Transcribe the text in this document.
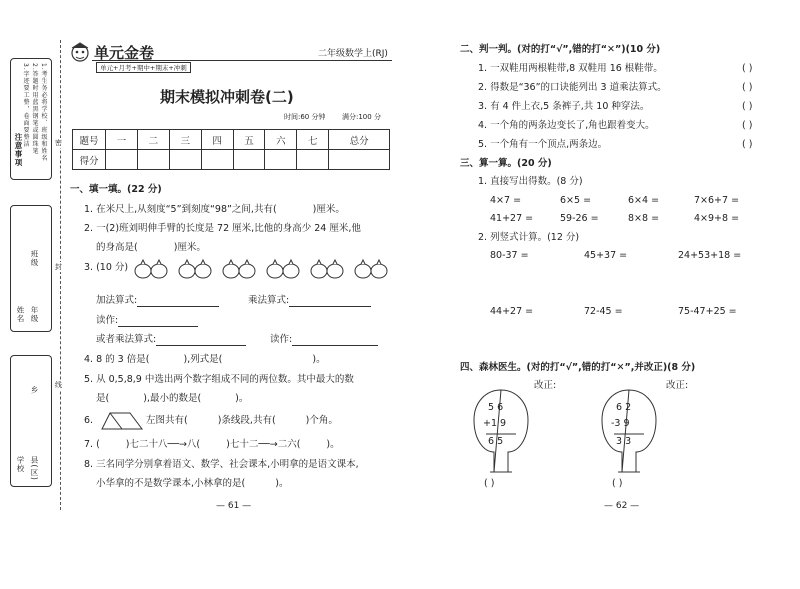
密
封
线
注意事项	1.考生务必将学校、班级和姓名
2.答题时用蓝黑钢笔或圆珠笔
3.字迹要工整，卷面要整洁
班级
年级
姓名
乡
县(区)
学校
单元金卷
单元+月考+期中+期末+冲刺
二年级数学上(RJ)
期末模拟冲刺卷(二)
时间:60 分钟 满分:100 分
题号	一	二	三	四	五	六	七	总分
得分								
一、填一填。(22 分)
1. 在米尺上,从刻度“5”到刻度“98”之间,共有(	)厘米。
2. 一(2)班刘明伸手臂的长度是 72 厘米,比他的身高少 24 厘米,他
的身高是(	)厘米。
3. (10 分)
加法算式:	乘法算式:
读作:
或者乘法算式:	读作:
4. 8 的 3 倍是(	),列式是(	)。
5. 从 0,5,8,9 中选出两个数字组成不同的两位数。其中最大的数
是(	),最小的数是(	)。
6.	左图共有(	)条线段,共有(	)个角。
7. (	)七二十八──→八(	)七十二──→二六(	)。
8. 三名同学分别拿着语文、数学、社会课本,小明拿的是语文课本,
小华拿的不是数学课本,小林拿的是(	)。
— 61 —
二、判一判。(对的打“√”,错的打“✕”)(10 分)
1. 一双鞋用两根鞋带,8 双鞋用 16 根鞋带。	( )
2. 得数是“36”的口诀能列出 3 道乘法算式。	( )
3. 有 4 件上衣,5 条裤子,共 10 种穿法。	( )
4. 一个角的两条边变长了,角也跟着变大。	( )
5. 一个角有一个顶点,两条边。	( )
三、算一算。(20 分)
1. 直接写出得数。(8 分)
4×7 =	6×5 =	6×4 =	7×6+7 =
41+27 =	59-26 =	8×8 =	4×9+8 =
2. 列竖式计算。(12 分)
80-37 =	45+37 =	24+53+18 =
44+27 =	72-45 =	75-47+25 =
四、森林医生。(对的打“√”,错的打“✕”,并改正)(8 分)
改正:	改正:
5 6
+1 9
6 5
( )
6 2
-3 9
3 3
( )
— 62 —
